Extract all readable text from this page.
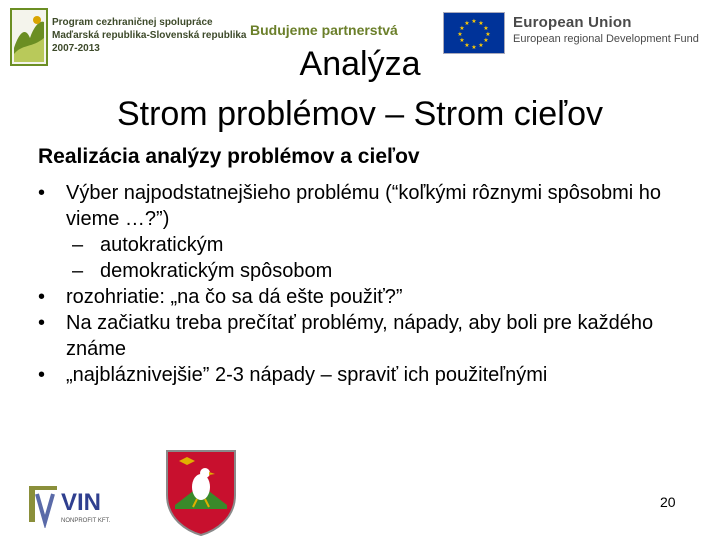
Program cezhraničnej spolupráce
Maďarská republika-Slovenská republika
2007-2013
Budujeme partnerstvá
★ ★
★
★
★
★
★
★
★
★
★
★	European Union
European regional Development Fund
Analýza
Strom problémov – Strom cieľov
Realizácia analýzy problémov a cieľov
• Výber najpodstatnejšieho problému (“koľkými rôznymi spôsobmi ho vieme …?”)
– autokratickým
– demokratickým spôsobom
• rozohriatie: „na čo sa dá ešte použiť?”
• Na začiatku treba prečítať problémy, nápady, aby boli pre každého známe
• „najbláznivejšie” 2-3 nápady – spraviť ich použiteľnými
VIN
NONPROFIT KFT.
20
